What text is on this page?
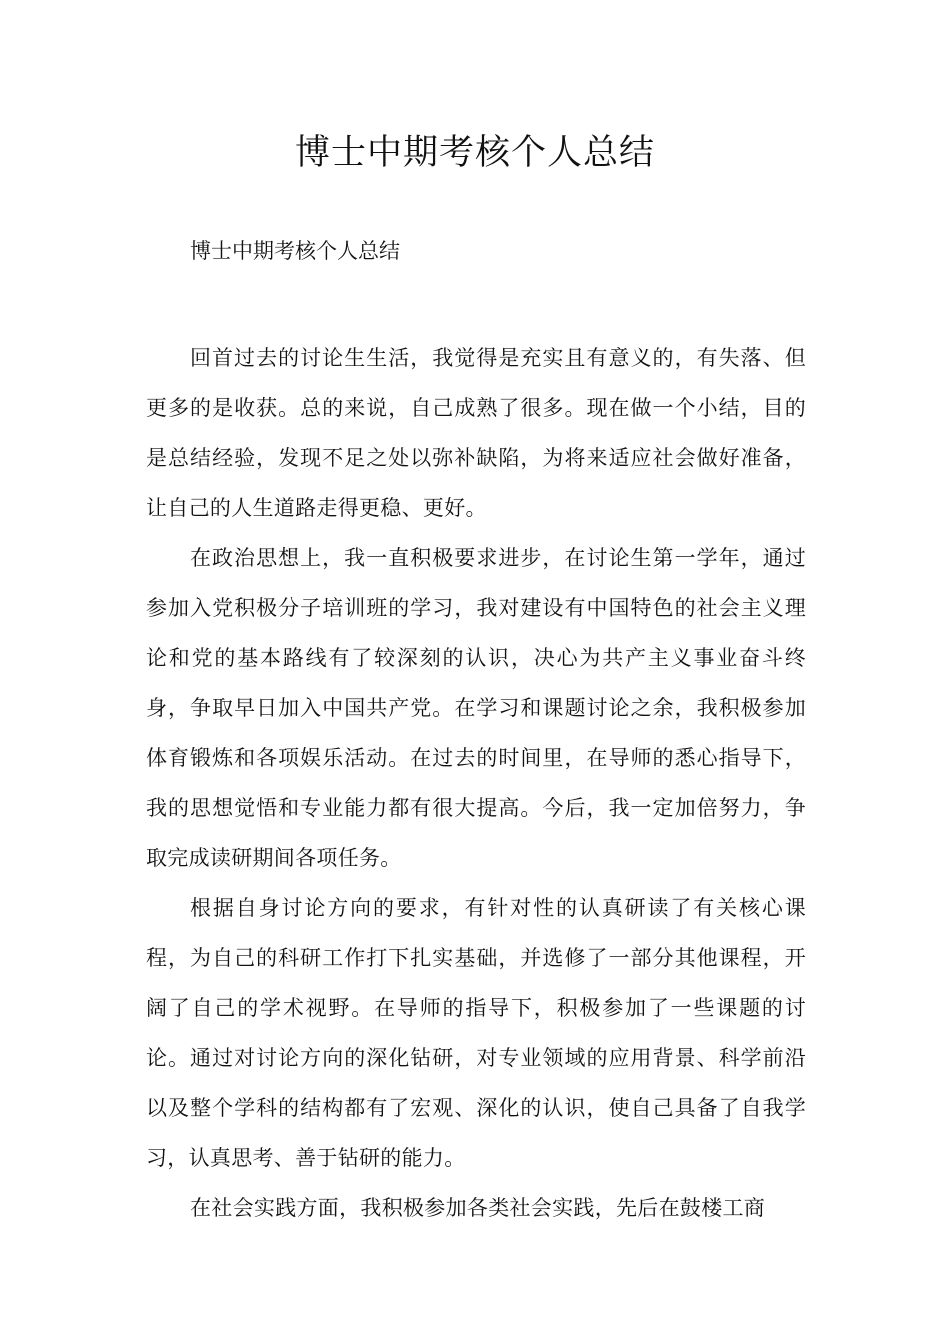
博士中期考核个人总结

博士中期考核个人总结

回首过去的讨论生生活，我觉得是充实且有意义的，有失落、但更多的是收获。总的来说，自己成熟了很多。现在做一个小结，目的是总结经验，发现不足之处以弥补缺陷，为将来适应社会做好准备，让自己的人生道路走得更稳、更好。

在政治思想上，我一直积极要求进步，在讨论生第一学年，通过参加入党积极分子培训班的学习，我对建设有中国特色的社会主义理论和党的基本路线有了较深刻的认识，决心为共产主义事业奋斗终身，争取早日加入中国共产党。在学习和课题讨论之余，我积极参加体育锻炼和各项娱乐活动。在过去的时间里，在导师的悉心指导下，我的思想觉悟和专业能力都有很大提高。今后，我一定加倍努力，争取完成读研期间各项任务。

根据自身讨论方向的要求，有针对性的认真研读了有关核心课程，为自己的科研工作打下扎实基础，并选修了一部分其他课程，开阔了自己的学术视野。在导师的指导下，积极参加了一些课题的讨论。通过对讨论方向的深化钻研，对专业领域的应用背景、科学前沿以及整个学科的结构都有了宏观、深化的认识，使自己具备了自我学习，认真思考、善于钻研的能力。

在社会实践方面，我积极参加各类社会实践，先后在鼓楼工商
